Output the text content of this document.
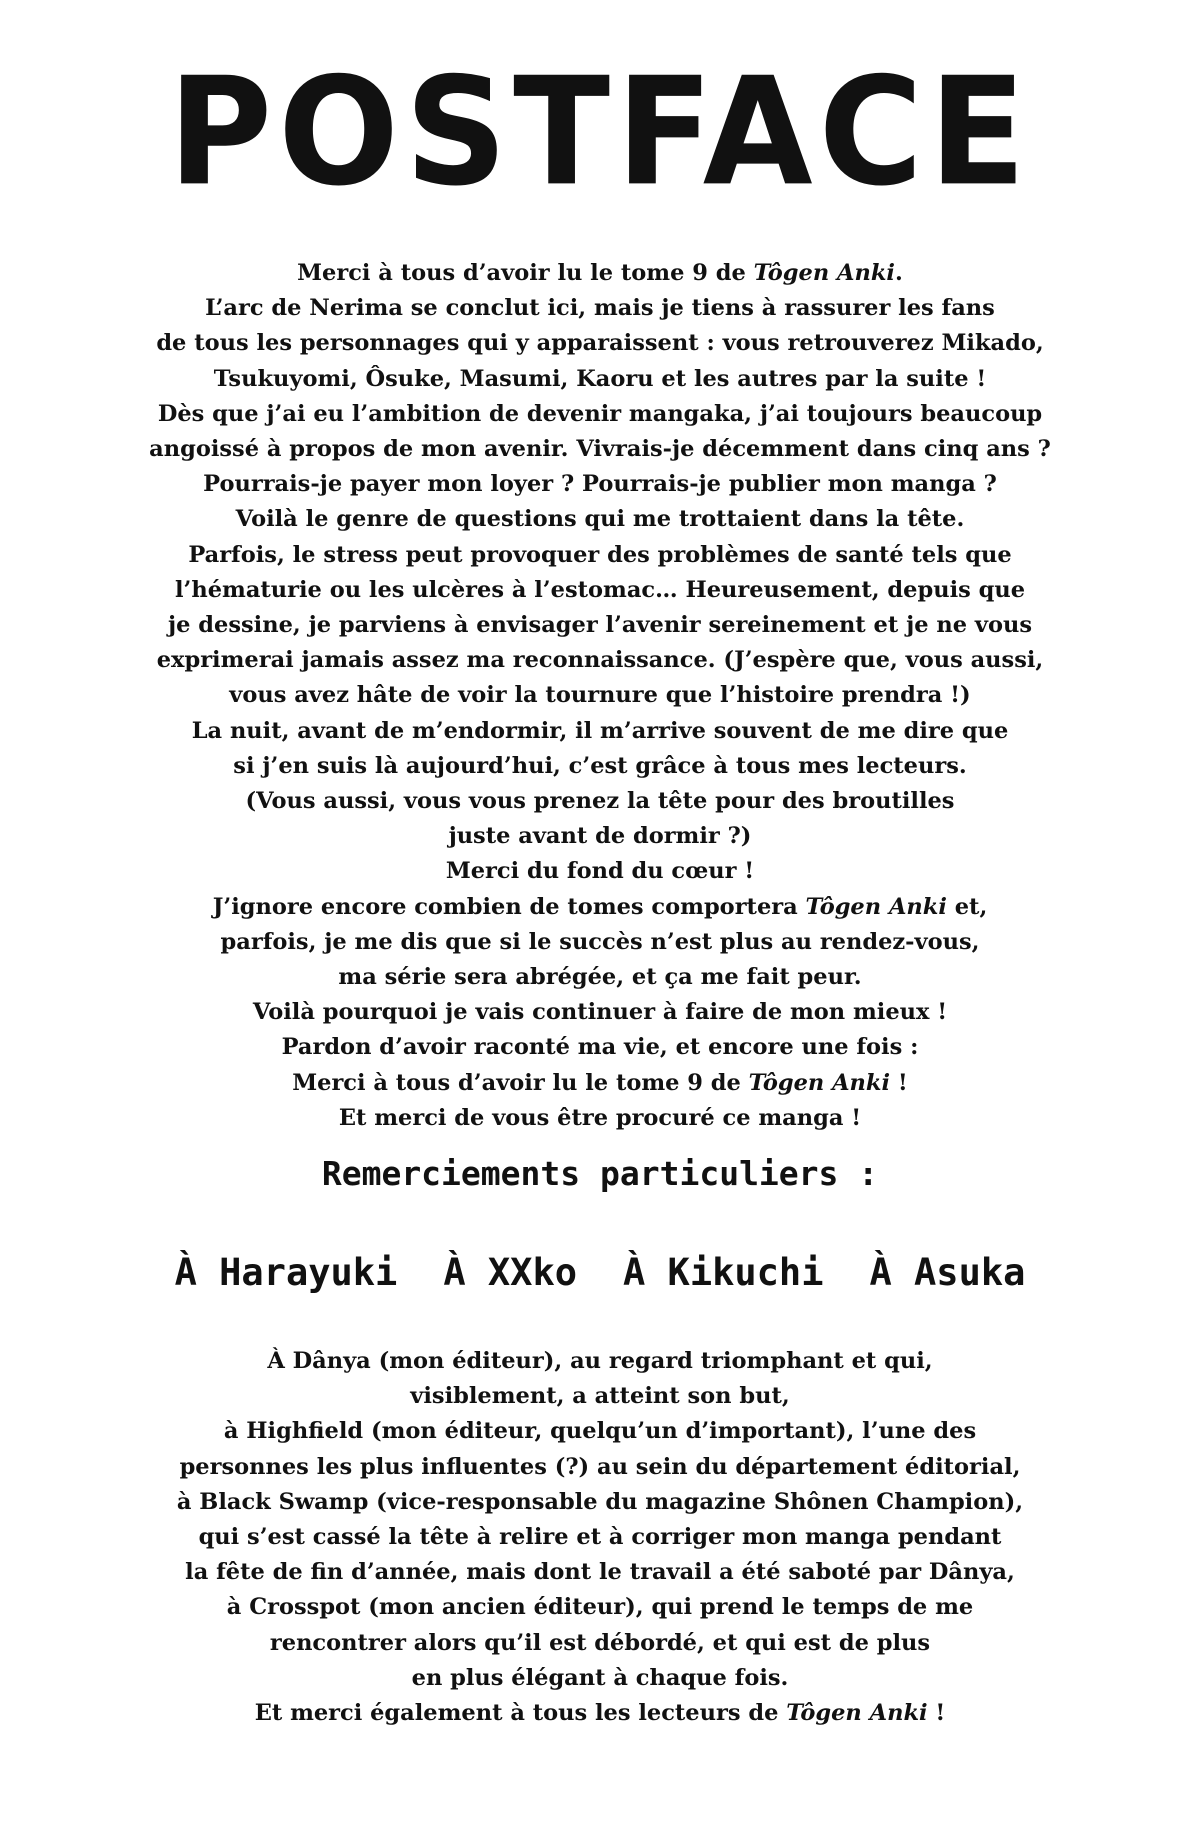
POSTFACE
Merci à tous d’avoir lu le tome 9 de Tôgen Anki.
L’arc de Nerima se conclut ici, mais je tiens à rassurer les fans
de tous les personnages qui y apparaissent : vous retrouverez Mikado,
Tsukuyomi, Ôsuke, Masumi, Kaoru et les autres par la suite !
Dès que j’ai eu l’ambition de devenir mangaka, j’ai toujours beaucoup
angoissé à propos de mon avenir. Vivrais-je décemment dans cinq ans ?
Pourrais-je payer mon loyer ? Pourrais-je publier mon manga ?
Voilà le genre de questions qui me trottaient dans la tête.
Parfois, le stress peut provoquer des problèmes de santé tels que
l’hématurie ou les ulcères à l’estomac… Heureusement, depuis que
je dessine, je parviens à envisager l’avenir sereinement et je ne vous
exprimerai jamais assez ma reconnaissance. (J’espère que, vous aussi,
vous avez hâte de voir la tournure que l’histoire prendra !)
La nuit, avant de m’endormir, il m’arrive souvent de me dire que
si j’en suis là aujourd’hui, c’est grâce à tous mes lecteurs.
(Vous aussi, vous vous prenez la tête pour des broutilles
juste avant de dormir ?)
Merci du fond du cœur !
J’ignore encore combien de tomes comportera Tôgen Anki et,
parfois, je me dis que si le succès n’est plus au rendez-vous,
ma série sera abrégée, et ça me fait peur.
Voilà pourquoi je vais continuer à faire de mon mieux !
Pardon d’avoir raconté ma vie, et encore une fois :
Merci à tous d’avoir lu le tome 9 de Tôgen Anki !
Et merci de vous être procuré ce manga !
Remerciements particuliers :
À Harayuki À XXko À Kikuchi À Asuka
À Dânya (mon éditeur), au regard triomphant et qui,
visiblement, a atteint son but,
à Highfield (mon éditeur, quelqu’un d’important), l’une des
personnes les plus influentes (?) au sein du département éditorial,
à Black Swamp (vice-responsable du magazine Shônen Champion),
qui s’est cassé la tête à relire et à corriger mon manga pendant
la fête de fin d’année, mais dont le travail a été saboté par Dânya,
à Crosspot (mon ancien éditeur), qui prend le temps de me
rencontrer alors qu’il est débordé, et qui est de plus
en plus élégant à chaque fois.
Et merci également à tous les lecteurs de Tôgen Anki !
